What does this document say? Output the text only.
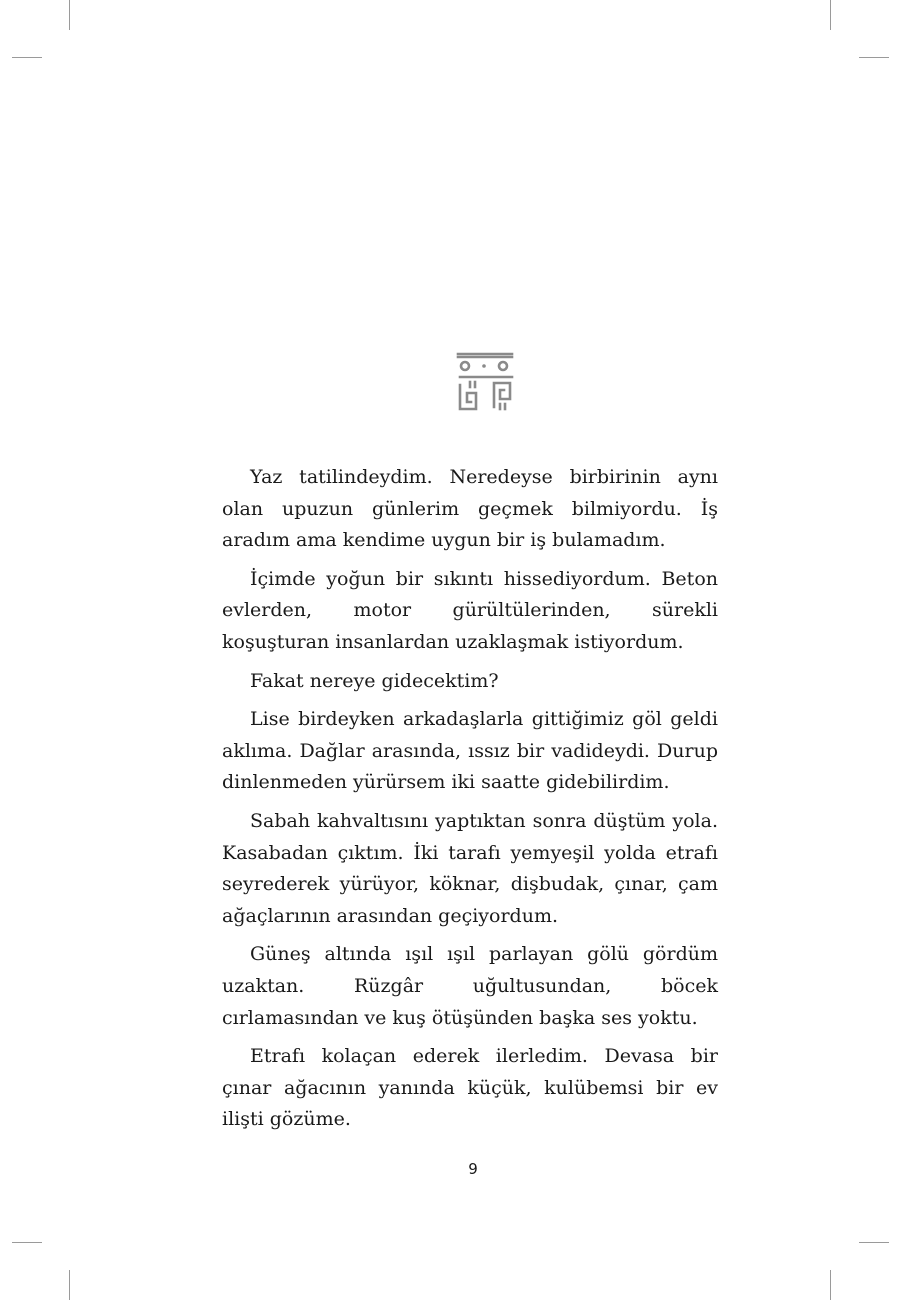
Yaz tatilindeydim. Neredeyse birbirinin aynı olan upuzun günlerim geçmek bilmiyordu. İş aradım ama kendime uygun bir iş bulamadım.

İçimde yoğun bir sıkıntı hissediyordum. Beton evlerden, motor gürültülerinden, sürekli koşuşturan insanlardan uzaklaşmak istiyordum.

Fakat nereye gidecektim?

Lise birdeyken arkadaşlarla gittiğimiz göl geldi aklıma. Dağlar arasında, ıssız bir vadideydi. Durup dinlenmeden yürürsem iki saatte gidebilirdim.

Sabah kahvaltısını yaptıktan sonra düştüm yola. Kasabadan çıktım. İki tarafı yemyeşil yolda etrafı seyrederek yürüyor, köknar, dişbudak, çınar, çam ağaçlarının arasından geçiyordum.

Güneş altında ışıl ışıl parlayan gölü gördüm uzaktan. Rüzgâr uğultusundan, böcek cırlamasından ve kuş ötüşünden başka ses yoktu.

Etrafı kolaçan ederek ilerledim. Devasa bir çınar ağacının yanında küçük, kulübemsi bir ev ilişti gözüme.

9
